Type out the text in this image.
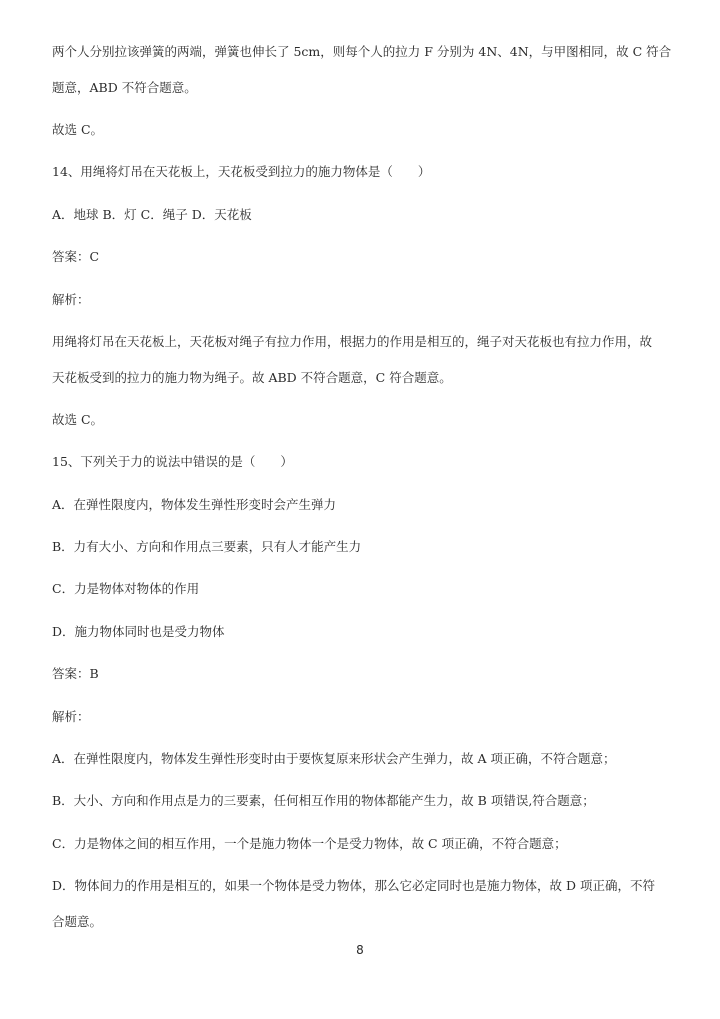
两个人分别拉该弹簧的两端，弹簧也伸长了 5cm，则每个人的拉力 F 分别为 4N、4N，与甲图相同，故 C 符合
题意，ABD 不符合题意。
故选 C。
14、用绳将灯吊在天花板上，天花板受到拉力的施力物体是（　　）
A．地球 B．灯 C．绳子 D．天花板
答案：C
解析：
用绳将灯吊在天花板上，天花板对绳子有拉力作用，根据力的作用是相互的，绳子对天花板也有拉力作用，故
天花板受到的拉力的施力物为绳子。故 ABD 不符合题意，C 符合题意。
故选 C。
15、下列关于力的说法中错误的是（　　）
A．在弹性限度内，物体发生弹性形变时会产生弹力
B．力有大小、方向和作用点三要素，只有人才能产生力
C．力是物体对物体的作用
D．施力物体同时也是受力物体
答案：B
解析：
A．在弹性限度内，物体发生弹性形变时由于要恢复原来形状会产生弹力，故 A 项正确，不符合题意；
B．大小、方向和作用点是力的三要素，任何相互作用的物体都能产生力，故 B 项错误,符合题意；
C．力是物体之间的相互作用，一个是施力物体一个是受力物体，故 C 项正确，不符合题意；
D．物体间力的作用是相互的，如果一个物体是受力物体，那么它必定同时也是施力物体，故 D 项正确，不符
合题意。
8
